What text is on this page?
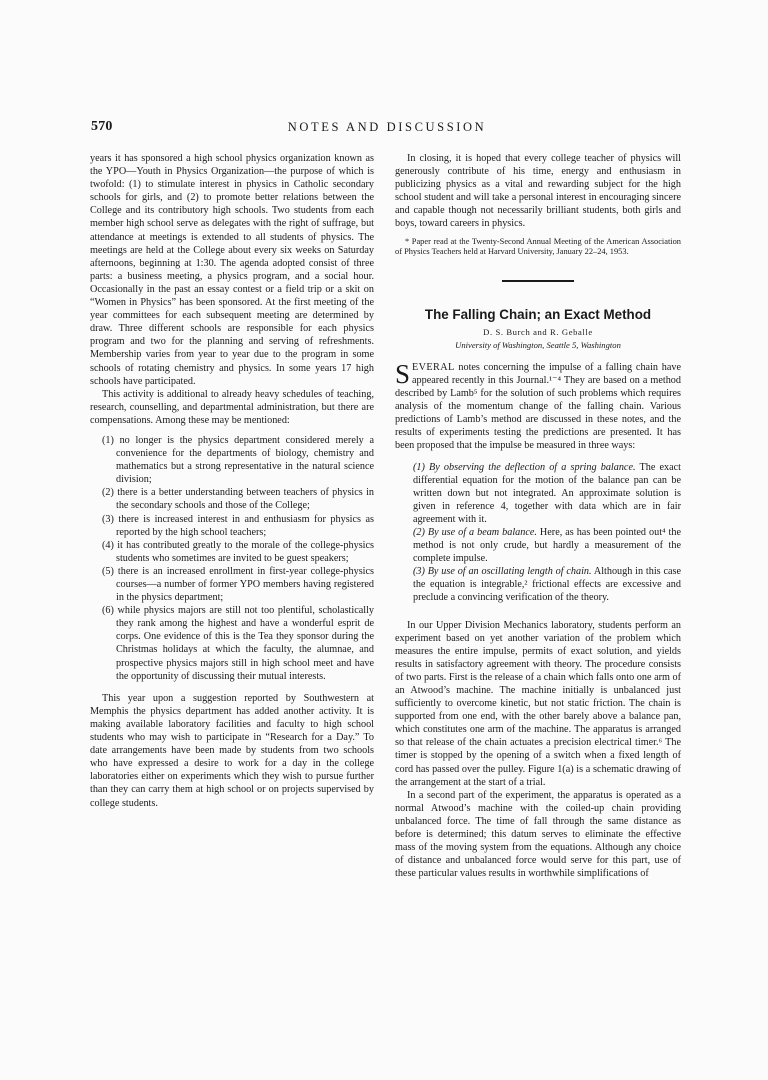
570	NOTES AND DISCUSSION

years it has sponsored a high school physics organization known as the YPO—Youth in Physics Organization—the purpose of which is twofold: (1) to stimulate interest in physics in Catholic secondary schools for girls, and (2) to promote better relations between the College and its contributory high schools. Two students from each member high school serve as delegates with the right of suffrage, but attendance at meetings is extended to all students of physics. The meetings are held at the College about every six weeks on Saturday afternoons, beginning at 1:30. The agenda adopted consist of three parts: a business meeting, a physics program, and a social hour. Occasionally in the past an essay contest or a field trip or a skit on “Women in Physics” has been sponsored. At the first meeting of the year committees for each subsequent meeting are determined by draw. Three different schools are responsible for each physics program and two for the planning and serving of refreshments. Membership varies from year to year due to the program in some schools of rotating chemistry and physics. In some years 17 high schools have participated.

This activity is additional to already heavy schedules of teaching, research, counselling, and departmental administration, but there are compensations. Among these may be mentioned:

(1) no longer is the physics department considered merely a convenience for the departments of biology, chemistry and mathematics but a strong representative in the natural science division;
(2) there is a better understanding between teachers of physics in the secondary schools and those of the College;
(3) there is increased interest in and enthusiasm for physics as reported by the high school teachers;
(4) it has contributed greatly to the morale of the college-physics students who sometimes are invited to be guest speakers;
(5) there is an increased enrollment in first-year college-physics courses—a number of former YPO members having registered in the physics department;
(6) while physics majors are still not too plentiful, scholastically they rank among the highest and have a wonderful esprit de corps. One evidence of this is the Tea they sponsor during the Christmas holidays at which the faculty, the alumnae, and prospective physics majors still in high school meet and have the opportunity of discussing their mutual interests.

This year upon a suggestion reported by Southwestern at Memphis the physics department has added another activity. It is making available laboratory facilities and faculty to high school students who may wish to participate in “Research for a Day.” To date arrangements have been made by students from two schools who have expressed a desire to work for a day in the college laboratories either on experiments which they wish to pursue further than they can carry them at high school or on projects supervised by college students.

In closing, it is hoped that every college teacher of physics will generously contribute of his time, energy and enthusiasm in publicizing physics as a vital and rewarding subject for the high school student and will take a personal interest in encouraging sincere and capable though not necessarily brilliant students, both girls and boys, toward careers in physics.

* Paper read at the Twenty-Second Annual Meeting of the American Association of Physics Teachers held at Harvard University, January 22–24, 1953.

The Falling Chain; an Exact Method

D. S. Burch and R. Geballe

University of Washington, Seattle 5, Washington

SEVERAL notes concerning the impulse of a falling chain have appeared recently in this Journal.¹⁻⁴ They are based on a method described by Lamb⁵ for the solution of such problems which requires analysis of the momentum change of the falling chain. Various predictions of Lamb’s method are discussed in these notes, and the results of experiments testing the predictions are presented. It has been proposed that the impulse be measured in three ways:

(1) By observing the deflection of a spring balance. The exact differential equation for the motion of the balance pan can be written down but not integrated. An approximate solution is given in reference 4, together with data which are in fair agreement with it.

(2) By use of a beam balance. Here, as has been pointed out⁴ the method is not only crude, but hardly a measurement of the complete impulse.

(3) By use of an oscillating length of chain. Although in this case the equation is integrable,² frictional effects are excessive and preclude a convincing verification of the theory.

In our Upper Division Mechanics laboratory, students perform an experiment based on yet another variation of the problem which measures the entire impulse, permits of exact solution, and yields results in satisfactory agreement with theory. The procedure consists of two parts. First is the release of a chain which falls onto one arm of an Atwood’s machine. The machine initially is unbalanced just sufficiently to overcome kinetic, but not static friction. The chain is supported from one end, with the other barely above a balance pan, which constitutes one arm of the machine. The apparatus is arranged so that release of the chain actuates a precision electrical timer.⁶ The timer is stopped by the opening of a switch when a fixed length of cord has passed over the pulley. Figure 1(a) is a schematic drawing of the arrangement at the start of a trial.

In a second part of the experiment, the apparatus is operated as a normal Atwood’s machine with the coiled-up chain providing unbalanced force. The time of fall through the same distance as before is determined; this datum serves to eliminate the effective mass of the moving system from the equations. Although any choice of distance and unbalanced force would serve for this part, use of these particular values results in worthwhile simplifications of
